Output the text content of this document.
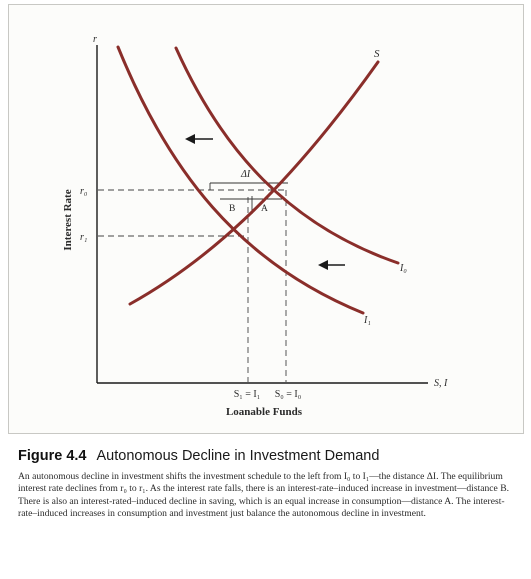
r
Interest Rate r₀
r₁
S
I₀
I₁
ΔI
B	A
S₁ = I₁ S₀ = I₀
Loanable Funds
S, I
Figure 4.4 Autonomous Decline in Investment Demand

An autonomous decline in investment shifts the investment schedule to the left from I₀ to I₁—the distance ΔI. The equilibrium interest rate declines from r₀ to r₁. As the interest rate falls, there is an interest-rate–induced increase in investment—distance B. There is also an interest-rated–induced decline in saving, which is an equal increase in consumption—distance A. The interest-rate–induced increases in consumption and investment just balance the autonomous decline in investment.
